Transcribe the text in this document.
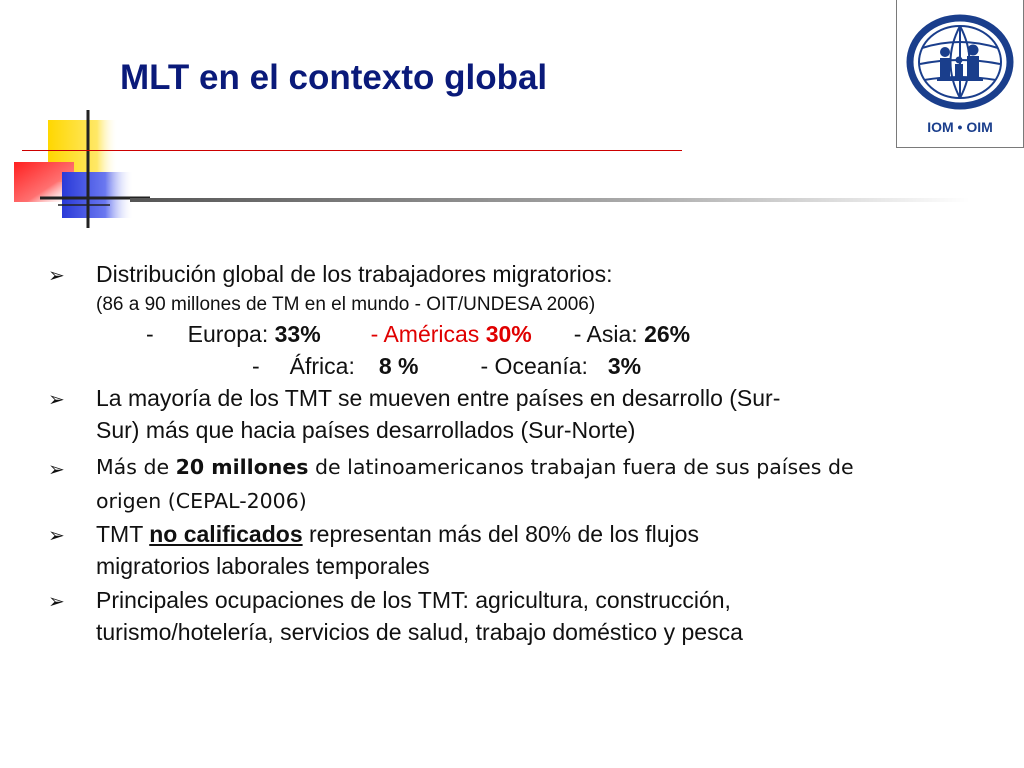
MLT en el contexto global
IOM • OIM
➢ Distribución global de los trabajadores migratorios:
(86 a 90 millones de TM en el mundo - OIT/UNDESA 2006)
- Europa: 33% - Américas 30% - Asia: 26%
- África: 8 %	- Oceanía: 3%
➢ La mayoría de los TMT se mueven entre países en desarrollo (Sur-
Sur) más que hacia países desarrollados (Sur-Norte)
➢ Más de 20 millones de latinoamericanos trabajan fuera de sus países de
origen (CEPAL-2006)
➢ TMT no calificados representan más del 80% de los flujos
migratorios laborales temporales
➢ Principales ocupaciones de los TMT: agricultura, construcción,
turismo/hotelería, servicios de salud, trabajo doméstico y pesca
